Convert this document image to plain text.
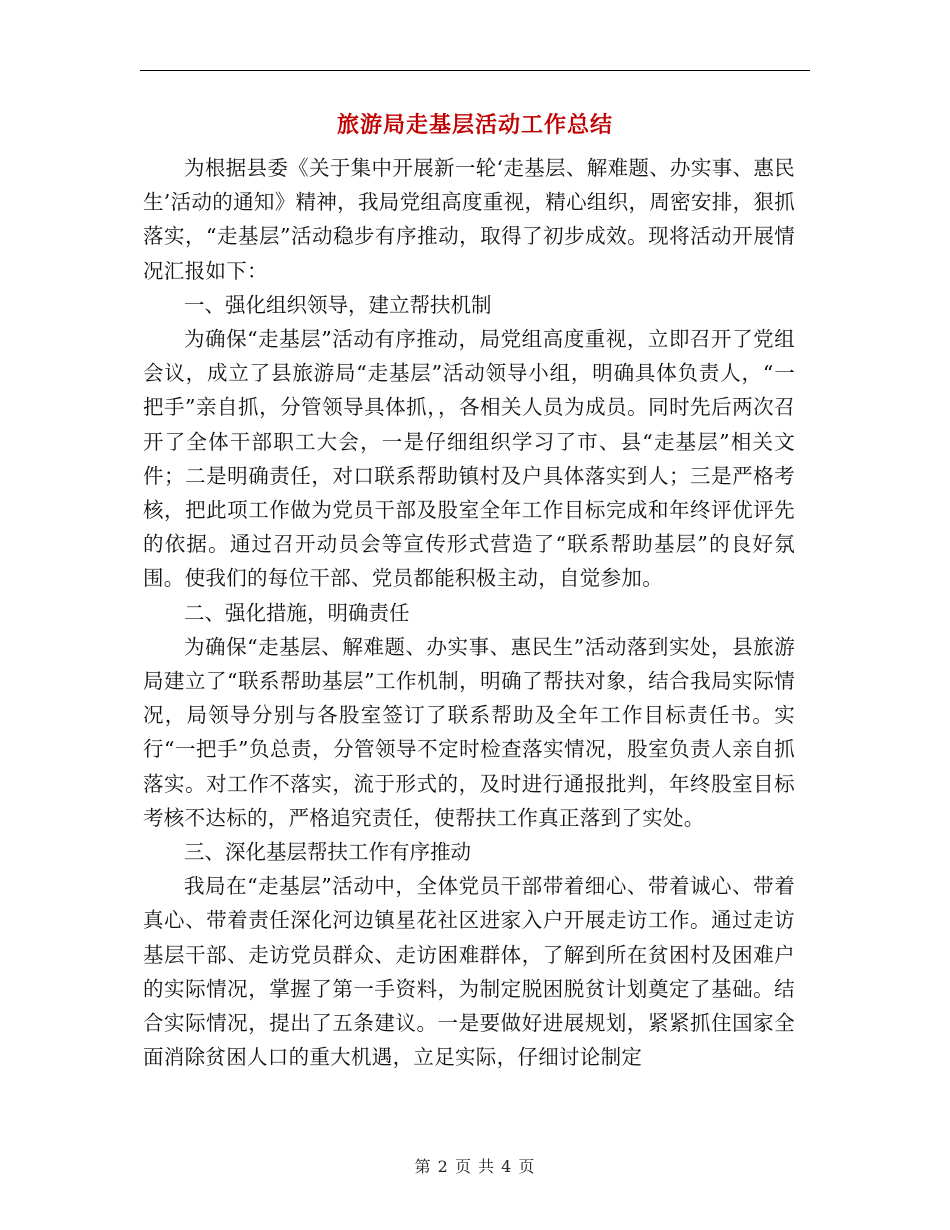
旅游局走基层活动工作总结

为根据县委《关于集中开展新一轮‘走基层、解难题、办实事、惠民生’活动的通知》精神，我局党组高度重视，精心组织，周密安排，狠抓落实，“走基层”活动稳步有序推动，取得了初步成效。现将活动开展情况汇报如下：

一、强化组织领导，建立帮扶机制

为确保“走基层”活动有序推动，局党组高度重视，立即召开了党组会议，成立了县旅游局“走基层”活动领导小组，明确具体负责人，“一把手”亲自抓，分管领导具体抓，，各相关人员为成员。同时先后两次召开了全体干部职工大会，一是仔细组织学习了市、县“走基层”相关文件；二是明确责任，对口联系帮助镇村及户具体落实到人；三是严格考核，把此项工作做为党员干部及股室全年工作目标完成和年终评优评先的依据。通过召开动员会等宣传形式营造了“联系帮助基层”的良好氛围。使我们的每位干部、党员都能积极主动，自觉参加。

二、强化措施，明确责任

为确保“走基层、解难题、办实事、惠民生”活动落到实处，县旅游局建立了“联系帮助基层”工作机制，明确了帮扶对象，结合我局实际情况，局领导分别与各股室签订了联系帮助及全年工作目标责任书。实行“一把手”负总责，分管领导不定时检查落实情况，股室负责人亲自抓落实。对工作不落实，流于形式的，及时进行通报批判，年终股室目标考核不达标的，严格追究责任，使帮扶工作真正落到了实处。

三、深化基层帮扶工作有序推动

我局在“走基层”活动中，全体党员干部带着细心、带着诚心、带着真心、带着责任深化河边镇星花社区进家入户开展走访工作。通过走访基层干部、走访党员群众、走访困难群体，了解到所在贫困村及困难户的实际情况，掌握了第一手资料，为制定脱困脱贫计划奠定了基础。结合实际情况，提出了五条建议。一是要做好进展规划，紧紧抓住国家全面消除贫困人口的重大机遇，立足实际，仔细讨论制定

第 2 页 共 4 页
